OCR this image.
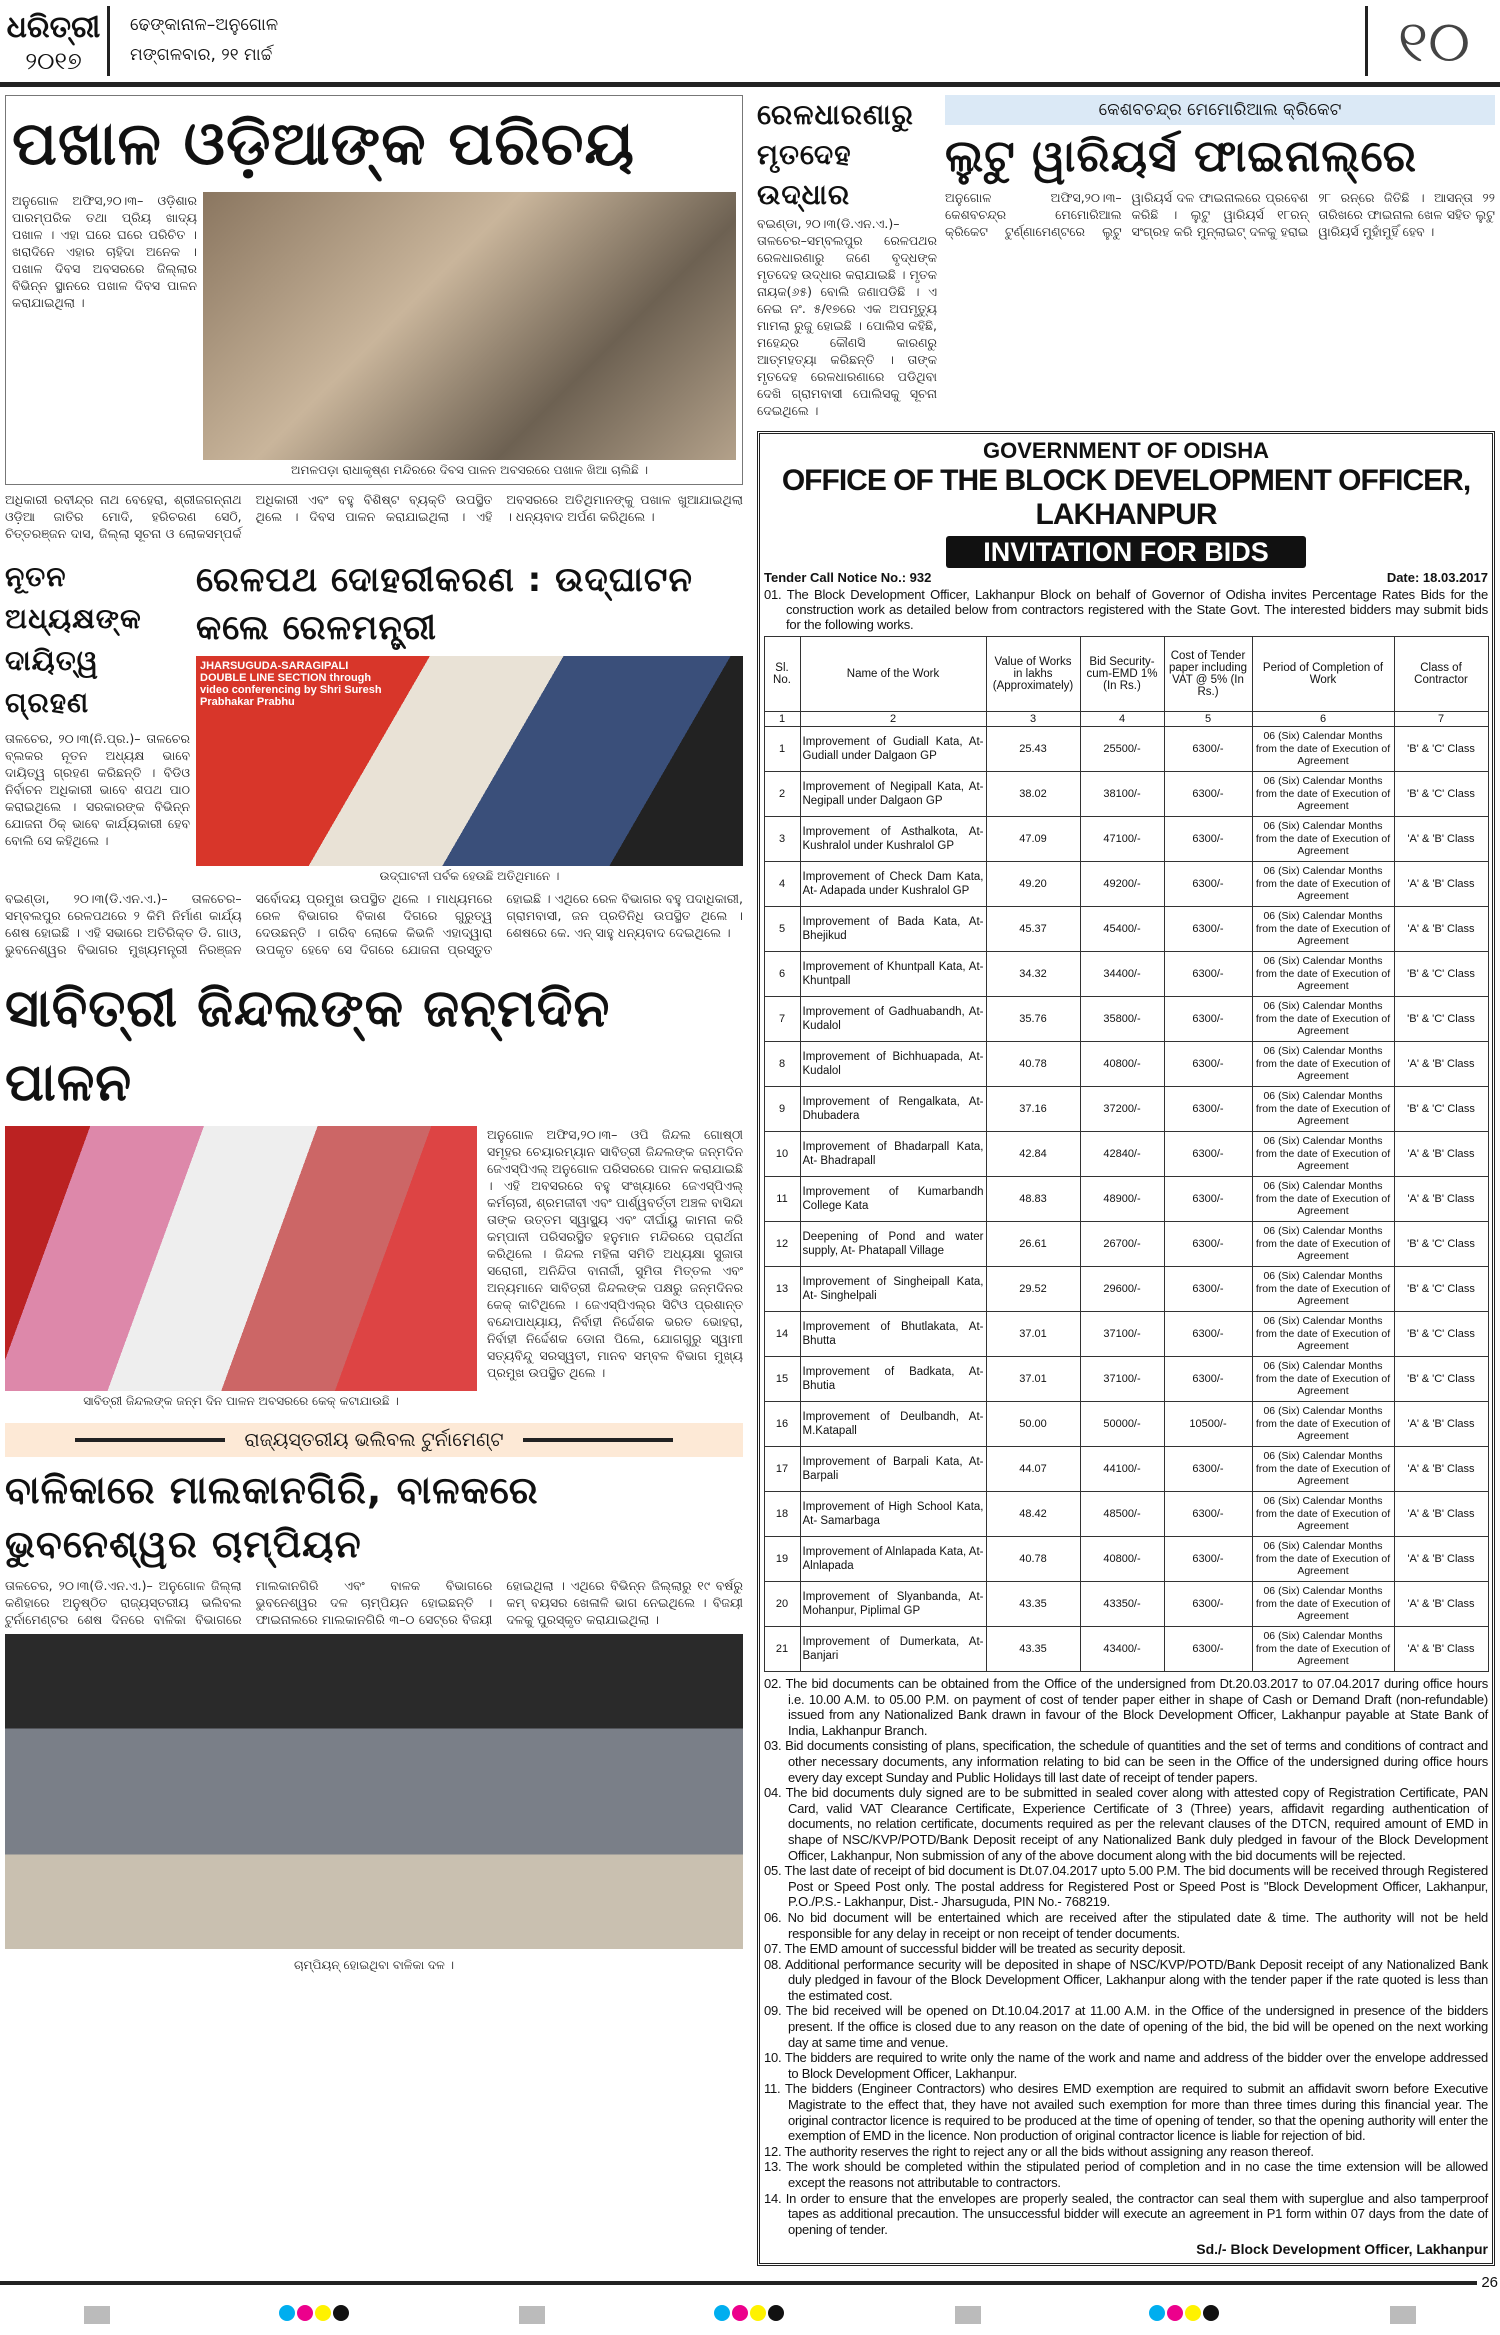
ଧରିତ୍ରୀ
୨୦୧୭
ଢେଙ୍କାନାଳ–ଅନୁଗୋଳ
ମଙ୍ଗଳବାର, ୨୧ ମାର୍ଚ୍ଚ	୧୦
ପଖାଳ ଓଡ଼ିଆଙ୍କ ପରିଚୟ
ଅନୁଗୋଳ ଅଫିସ,୨୦।୩– ଓଡ଼ିଶାର ପାରମ୍ପରିକ ତଥା ପ୍ରିୟ ଖାଦ୍ୟ ପଖାଳ । ଏହା ଘରେ ଘରେ ପରିଚିତ । ଖରାଦିନେ ଏହାର ଚାହିଦା ଅନେକ । ପଖାଳ ଦିବସ ଅବସରରେ ଜିଲ୍ଲାର ବିଭିନ୍ନ ସ୍ଥାନରେ ପଖାଳ ଦିବସ ପାଳନ କରାଯାଇଥିଲା ।
ଅମଳପଡ଼ା ରାଧାକୃଷ୍ଣ ମନ୍ଦିରରେ ଦିବସ ପାଳନ ଅବସରରେ ପଖାଳ ଖିଆ ଚାଲିଛି ।
ଅଧିକାରୀ ରବୀନ୍ଦ୍ର ନାଥ ବେହେରା, ଶ୍ରୀଜଗନ୍ନାଥ ଓଡ଼ିଆ ଜାତିର ମୋଦି, ହରିଚରଣ ସେଠି, ଚିତ୍ତରଞ୍ଜନ ଦାସ, ଜିଲ୍ଲା ସୂଚନା ଓ ଲୋକସମ୍ପର୍କ ଅଧିକାରୀ ଏବଂ ବହୁ ବିଶିଷ୍ଟ ବ୍ୟକ୍ତି ଉପସ୍ଥିତ ଥିଲେ । ଦିବସ ପାଳନ କରାଯାଇଥିଲା । ଏହି ଅବସରରେ ଅତିଥିମାନଙ୍କୁ ପଖାଳ ଖୁଆଯାଇଥିଲା । ଧନ୍ୟବାଦ ଅର୍ପଣ କରିଥିଲେ ।
ନୂତନ ଅଧ୍ୟକ୍ଷଙ୍କ
ଦାୟିତ୍ୱ ଗ୍ରହଣ
ତାଳଚେର, ୨୦।୩(ନି.ପ୍ର.)– ତାଳଚେର ବ୍ଲକର ନୂତନ ଅଧ୍ୟକ୍ଷ ଭାବେ ଦାୟିତ୍ୱ ଗ୍ରହଣ କରିଛନ୍ତି । ବିଡିଓ ନିର୍ବାଚନ ଅଧିକାରୀ ଭାବେ ଶପଥ ପାଠ କରାଇଥିଲେ । ସରକାରଙ୍କ ବିଭିନ୍ନ ଯୋଜନା ଠିକ୍ ଭାବେ କାର୍ଯ୍ୟକାରୀ ହେବ ବୋଲି ସେ କହିଥିଲେ ।
ରେଳପଥ ଦୋହରୀକରଣ : ଉଦ୍‌ଘାଟନ କଲେ ରେଳମନ୍ତ୍ରୀ
JHARSUGUDA-SARAGIPALI DOUBLE LINE SECTION through video conferencing by Shri Suresh Prabhakar Prabhu
ଉଦ୍‌ଘାଟନୀ ପର୍ବକ ହେଉଛି ଅତିଥିମାନେ ।
ବଇଣ୍ଡା, ୨୦।୩(ଡି.ଏନ.ଏ.)– ତାଳଚେର–ସମ୍ବଲପୁର ରେଳପଥରେ ୨ କିମି ନିର୍ମାଣ କାର୍ଯ୍ୟ ଶେଷ ହୋଇଛି । ଏହି ସଭାରେ ଅତିରିକ୍ତ ଡି. ଗାଓ, ଭୁବନେଶ୍ୱର ବିଭାଗର ମୁଖ୍ୟମନ୍ତ୍ରୀ ନିରଞ୍ଜନ ସର୍ବୋଦୟ ପ୍ରମୁଖ ଉପସ୍ଥିତ ଥିଲେ । ମାଧ୍ୟମରେ ରେଳ ବିଭାଗର ବିକାଶ ଦିଗରେ ଗୁରୁତ୍ୱ ଦେଉଛନ୍ତି । ଗରିବ ଲୋକେ କିଭଳି ଏହାଦ୍ୱାରା ଉପକୃତ ହେବେ ସେ ଦିଗରେ ଯୋଜନା ପ୍ରସ୍ତୁତ ହୋଇଛି । ଏଥିରେ ରେଳ ବିଭାଗର ବହୁ ପଦାଧିକାରୀ, ଗ୍ରାମବାସୀ, ଜନ ପ୍ରତିନିଧି ଉପସ୍ଥିତ ଥିଲେ । ଶେଷରେ କେ. ଏନ୍ ସାହୁ ଧନ୍ୟବାଦ ଦେଇଥିଲେ ।
ସାବିତ୍ରୀ ଜିନ୍ଦଲଙ୍କ ଜନ୍ମଦିନ ପାଳନ
ସାବିତ୍ରୀ ଜିନ୍ଦଲଙ୍କ ଜନ୍ମ ଦିନ ପାଳନ ଅବସରରେ କେକ୍ କଟାଯାଉଛି ।
ଅନୁଗୋଳ ଅଫିସ,୨୦।୩– ଓପି ଜିନ୍ଦଲ ଗୋଷ୍ଠୀ ସମୂହର ଚେୟାରମ୍ୟାନ ସାବିତ୍ରୀ ଜିନ୍ଦଲଙ୍କ ଜନ୍ମଦିନ ଜେଏସ୍‌ପିଏଲ୍ ଅନୁଗୋଳ ପରିସରରେ ପାଳନ କରାଯାଇଛି । ଏହି ଅବସରରେ ବହୁ ସଂଖ୍ୟାରେ ଜେଏସ୍‌ପିଏଲ୍ କର୍ମଚାରୀ, ଶ୍ରମଜୀବୀ ଏବଂ ପାର୍ଶ୍ୱବର୍ତ୍ତୀ ଅଞ୍ଚଳ ବାସିନ୍ଦା ତାଙ୍କ ଉତ୍ତମ ସ୍ୱାସ୍ଥ୍ୟ ଏବଂ ଦୀର୍ଘାୟୁ କାମନା କରି କମ୍ପାନୀ ପରିସରସ୍ଥିତ ହନୁମାନ ମନ୍ଦିରରେ ପ୍ରାର୍ଥନା କରିଥିଲେ । ଜିନ୍ଦଲ ମହିଳା ସମିତି ଅଧ୍ୟକ୍ଷା ସୁଜାତା ସରୋଗୀ, ଅନିନ୍ଦିତା ବାନାର୍ଜୀ, ସୁମିତା ମିତ୍ତଲ ଏବଂ ଅନ୍ୟମାନେ ସାବିତ୍ରୀ ଜିନ୍ଦଲଙ୍କ ପକ୍ଷରୁ ଜନ୍ମଦିନର କେକ୍ କାଟିଥିଲେ । ଜେଏସ୍‌ପିଏଲ୍‌ର ସିଟିଓ ପ୍ରଶାନ୍ତ ବନ୍ଦୋପାଧ୍ୟାୟ, ନିର୍ବାହୀ ନିର୍ଦ୍ଦେଶକ ଭରତ ଭୋହରା, ନିର୍ବାହୀ ନିର୍ଦ୍ଦେଶକ ଡୋନା ପିଲେ, ଯୋଗଗୁରୁ ସ୍ୱାମୀ ସତ୍ୟବିନ୍ଦୁ ସରସ୍ୱତୀ, ମାନବ ସମ୍ବଳ ବିଭାଗ ମୁଖ୍ୟ ପ୍ରମୁଖ ଉପସ୍ଥିତ ଥିଲେ ।
ରାଜ୍ୟସ୍ତରୀୟ ଭଲିବଲ ଟୁର୍ନାମେଣ୍ଟ
ବାଳିକାରେ ମାଲକାନଗିରି, ବାଳକରେ ଭୁବନେଶ୍ୱର ଚାମ୍ପିୟନ
ତାଳଚେର, ୨୦।୩(ଡି.ଏନ.ଏ.)– ଅନୁଗୋଳ ଜିଲ୍ଲା କଣିହାରେ ଅନୁଷ୍ଠିତ ରାଜ୍ୟସ୍ତରୀୟ ଭଲିବଲ ଟୁର୍ନାମେଣ୍ଟର ଶେଷ ଦିନରେ ବାଳିକା ବିଭାଗରେ ମାଲକାନଗିରି ଏବଂ ବାଳକ ବିଭାଗରେ ଭୁବନେଶ୍ୱର ଦଳ ଚାମ୍ପିୟନ ହୋଇଛନ୍ତି । ଫାଇନାଲରେ ମାଲକାନଗିରି ୩–୦ ସେଟ୍‌ରେ ବିଜୟୀ ହୋଇଥିଲା । ଏଥିରେ ବିଭିନ୍ନ ଜିଲ୍ଲାରୁ ୧୯ ବର୍ଷରୁ କମ୍ ବୟସର ଖେଳାଳି ଭାଗ ନେଇଥିଲେ । ବିଜୟୀ ଦଳକୁ ପୁରସ୍କୃତ କରାଯାଇଥିଲା ।
ଚାମ୍ପିୟନ୍ ହୋଇଥିବା ବାଳିକା ଦଳ ।
ରେଳଧାରଣାରୁ
ମୃତଦେହ ଉଦ୍ଧାର
ବଇଣ୍ଡା, ୨୦।୩(ଡି.ଏନ.ଏ.)–
ତାଳଚେର–ସମ୍ବଲପୁର ରେଳପଥର ରେଳଧାରଣାରୁ ଜଣେ ବୃଦ୍ଧଙ୍କ ମୃତଦେହ ଉଦ୍ଧାର କରାଯାଇଛି । ମୃତକ ନାୟକ(୬୫) ବୋଲି ଜଣାପଡିଛି । ଏ ନେଇ ନଂ. ୫/୧୭ରେ ଏକ ଅପମୃତ୍ୟୁ ମାମଲା ରୁଜୁ ହୋଇଛି । ପୋଲିସ କହିଛି, ମହେନ୍ଦ୍ର କୌଣସି କାରଣରୁ ଆତ୍ମହତ୍ୟା କରିଛନ୍ତି । ତାଙ୍କ ମୃତଦେହ ରେଳଧାରଣାରେ ପଡିଥିବା ଦେଖି ଗ୍ରାମବାସୀ ପୋଲିସକୁ ସୂଚନା ଦେଇଥିଲେ ।
କେଶବଚନ୍ଦ୍ର ମେମୋରିଆଲ କ୍ରିକେଟ
ଲୁଟୁ ୱାରିୟର୍ସ ଫାଇନାଲ୍‌ରେ
ଅନୁଗୋଳ ଅଫିସ,୨୦।୩– କେଶବଚନ୍ଦ୍ର ମେମୋରିଆଲ କ୍ରିକେଟ ଟୁର୍ଣ୍ଣାମେଣ୍ଟରେ ଲୁଟୁ ୱାରିୟର୍ସ ଦଳ ଫାଇନାଲରେ ପ୍ରବେଶ କରିଛି । ଲୁଟୁ ୱାରିୟର୍ସ ୧୮ରନ୍ ସଂଗ୍ରହ କରି ମୁନ୍‌ଲାଇଟ୍ ଦଳକୁ ହରାଇ ୨୮ ରନ୍‌ରେ ଜିତିଛି । ଆସନ୍ତା ୨୨ ତାରିଖରେ ଫାଇନାଲ ଖେଳ ସହିତ ଲୁଟୁ ୱାରିୟର୍ସ ମୁହାଁମୁହିଁ ହେବ ।
GOVERNMENT OF ODISHA
OFFICE OF THE BLOCK DEVELOPMENT OFFICER, LAKHANPUR
INVITATION FOR BIDS
Tender Call Notice No.: 932	Date: 18.03.2017
01. The Block Development Officer, Lakhanpur Block on behalf of Governor of Odisha invites Percentage Rates Bids for the construction work as detailed below from contractors registered with the State Govt. The interested bidders may submit bids for the following works.
Sl. No.	Name of the Work	Value of Works in lakhs (Approximately)	Bid Security-cum-EMD 1% (In Rs.)	Cost of Tender paper including VAT @ 5% (In Rs.)	Period of Completion of Work	Class of Contractor
1	2	3	4	5	6	7
1	Improvement of Gudiall Kata, At- Gudiall under Dalgaon GP	25.43	25500/-	6300/-	06 (Six) Calendar Months from the date of Execution of Agreement	'B' & 'C' Class
2	Improvement of Negipall Kata, At- Negipall under Dalgaon GP	38.02	38100/-	6300/-	06 (Six) Calendar Months from the date of Execution of Agreement	'B' & 'C' Class
3	Improvement of Asthalkota, At- Kushralol under Kushralol GP	47.09	47100/-	6300/-	06 (Six) Calendar Months from the date of Execution of Agreement	'A' & 'B' Class
4	Improvement of Check Dam Kata, At- Adapada under Kushralol GP	49.20	49200/-	6300/-	06 (Six) Calendar Months from the date of Execution of Agreement	'A' & 'B' Class
5	Improvement of Bada Kata, At- Bhejikud	45.37	45400/-	6300/-	06 (Six) Calendar Months from the date of Execution of Agreement	'A' & 'B' Class
6	Improvement of Khuntpall Kata, At- Khuntpall	34.32	34400/-	6300/-	06 (Six) Calendar Months from the date of Execution of Agreement	'B' & 'C' Class
7	Improvement of Gadhuabandh, At- Kudalol	35.76	35800/-	6300/-	06 (Six) Calendar Months from the date of Execution of Agreement	'B' & 'C' Class
8	Improvement of Bichhuapada, At- Kudalol	40.78	40800/-	6300/-	06 (Six) Calendar Months from the date of Execution of Agreement	'A' & 'B' Class
9	Improvement of Rengalkata, At- Dhubadera	37.16	37200/-	6300/-	06 (Six) Calendar Months from the date of Execution of Agreement	'B' & 'C' Class
10	Improvement of Bhadarpall Kata, At- Bhadrapall	42.84	42840/-	6300/-	06 (Six) Calendar Months from the date of Execution of Agreement	'A' & 'B' Class
11	Improvement of Kumarbandh College Kata	48.83	48900/-	6300/-	06 (Six) Calendar Months from the date of Execution of Agreement	'A' & 'B' Class
12	Deepening of Pond and water supply, At- Phatapall Village	26.61	26700/-	6300/-	06 (Six) Calendar Months from the date of Execution of Agreement	'B' & 'C' Class
13	Improvement of Singheipall Kata, At- Singhelpali	29.52	29600/-	6300/-	06 (Six) Calendar Months from the date of Execution of Agreement	'B' & 'C' Class
14	Improvement of Bhutlakata, At- Bhutta	37.01	37100/-	6300/-	06 (Six) Calendar Months from the date of Execution of Agreement	'B' & 'C' Class
15	Improvement of Badkata, At- Bhutia	37.01	37100/-	6300/-	06 (Six) Calendar Months from the date of Execution of Agreement	'B' & 'C' Class
16	Improvement of Deulbandh, At- M.Katapall	50.00	50000/-	10500/-	06 (Six) Calendar Months from the date of Execution of Agreement	'A' & 'B' Class
17	Improvement of Barpali Kata, At- Barpali	44.07	44100/-	6300/-	06 (Six) Calendar Months from the date of Execution of Agreement	'A' & 'B' Class
18	Improvement of High School Kata, At- Samarbaga	48.42	48500/-	6300/-	06 (Six) Calendar Months from the date of Execution of Agreement	'A' & 'B' Class
19	Improvement of Alnlapada Kata, At- Alnlapada	40.78	40800/-	6300/-	06 (Six) Calendar Months from the date of Execution of Agreement	'A' & 'B' Class
20	Improvement of Slyanbanda, At- Mohanpur, Piplimal GP	43.35	43350/-	6300/-	06 (Six) Calendar Months from the date of Execution of Agreement	'A' & 'B' Class
21	Improvement of Dumerkata, At- Banjari	43.35	43400/-	6300/-	06 (Six) Calendar Months from the date of Execution of Agreement	'A' & 'B' Class
02. The bid documents can be obtained from the Office of the undersigned from Dt.20.03.2017 to 07.04.2017 during office hours i.e. 10.00 A.M. to 05.00 P.M. on payment of cost of tender paper either in shape of Cash or Demand Draft (non-refundable) issued from any Nationalized Bank drawn in favour of the Block Development Officer, Lakhanpur payable at State Bank of India, Lakhanpur Branch.
03. Bid documents consisting of plans, specification, the schedule of quantities and the set of terms and conditions of contract and other necessary documents, any information relating to bid can be seen in the Office of the undersigned during office hours every day except Sunday and Public Holidays till last date of receipt of tender papers.
04. The bid documents duly signed are to be submitted in sealed cover along with attested copy of Registration Certificate, PAN Card, valid VAT Clearance Certificate, Experience Certificate of 3 (Three) years, affidavit regarding authentication of documents, no relation certificate, documents required as per the relevant clauses of the DTCN, required amount of EMD in shape of NSC/KVP/POTD/Bank Deposit receipt of any Nationalized Bank duly pledged in favour of the Block Development Officer, Lakhanpur, Non submission of any of the above document along with the bid documents will be rejected.
05. The last date of receipt of bid document is Dt.07.04.2017 upto 5.00 P.M. The bid documents will be received through Registered Post or Speed Post only. The postal address for Registered Post or Speed Post is "Block Development Officer, Lakhanpur, P.O./P.S.- Lakhanpur, Dist.- Jharsuguda, PIN No.- 768219.
06. No bid document will be entertained which are received after the stipulated date & time. The authority will not be held responsible for any delay in receipt or non receipt of tender documents.
07. The EMD amount of successful bidder will be treated as security deposit.
08. Additional performance security will be deposited in shape of NSC/KVP/POTD/Bank Deposit receipt of any Nationalized Bank duly pledged in favour of the Block Development Officer, Lakhanpur along with the tender paper if the rate quoted is less than the estimated cost.
09. The bid received will be opened on Dt.10.04.2017 at 11.00 A.M. in the Office of the undersigned in presence of the bidders present. If the office is closed due to any reason on the date of opening of the bid, the bid will be opened on the next working day at same time and venue.
10. The bidders are required to write only the name of the work and name and address of the bidder over the envelope addressed to Block Development Officer, Lakhanpur.
11. The bidders (Engineer Contractors) who desires EMD exemption are required to submit an affidavit sworn before Executive Magistrate to the effect that, they have not availed such exemption for more than three times during this financial year. The original contractor licence is required to be produced at the time of opening of tender, so that the opening authority will enter the exemption of EMD in the licence. Non production of original contractor licence is liable for rejection of bid.
12. The authority reserves the right to reject any or all the bids without assigning any reason thereof.
13. The work should be completed within the stipulated period of completion and in no case the time extension will be allowed except the reasons not attributable to contractors.
14. In order to ensure that the envelopes are properly sealed, the contractor can seal them with superglue and also tamperproof tapes as additional precaution. The unsuccessful bidder will execute an agreement in P1 form within 07 days from the date of opening of tender.
Sd./- Block Development Officer, Lakhanpur
26
